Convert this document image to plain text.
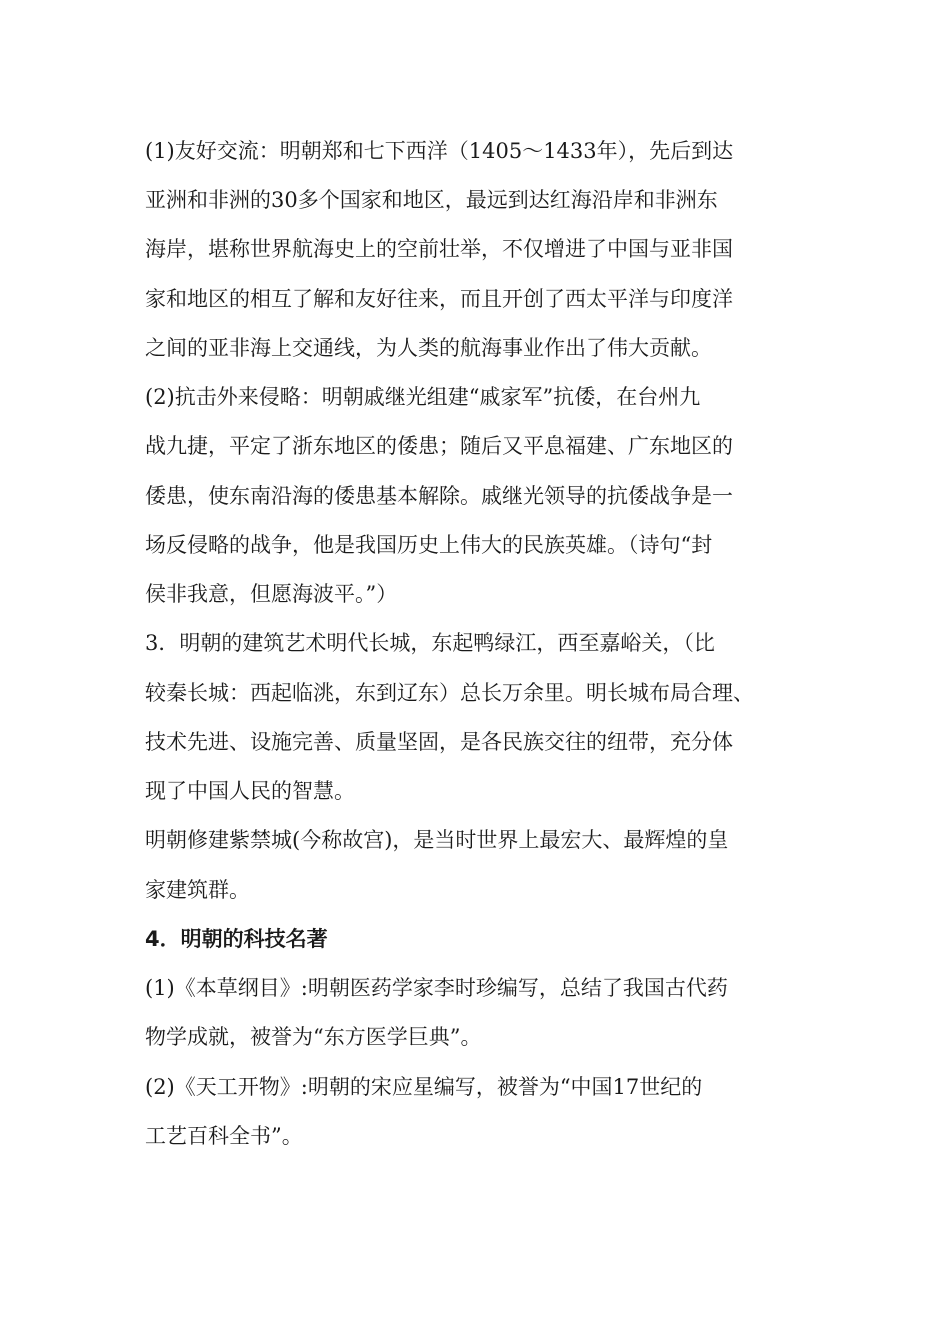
(1)友好交流：明朝郑和七下西洋（1405～1433年），先后到达
亚洲和非洲的30多个国家和地区，最远到达红海沿岸和非洲东
海岸，堪称世界航海史上的空前壮举，不仅增进了中国与亚非国
家和地区的相互了解和友好往来，而且开创了西太平洋与印度洋
之间的亚非海上交通线，为人类的航海事业作出了伟大贡献。
(2)抗击外来侵略：明朝戚继光组建“戚家军”抗倭，在台州九
战九捷，平定了浙东地区的倭患；随后又平息福建、广东地区的
倭患，使东南沿海的倭患基本解除。戚继光领导的抗倭战争是一
场反侵略的战争，他是我国历史上伟大的民族英雄。（诗句“封
侯非我意，但愿海波平。”）
3．明朝的建筑艺术明代长城，东起鸭绿江，西至嘉峪关，（比
较秦长城：西起临洮，东到辽东）总长万余里。明长城布局合理、
技术先进、设施完善、质量坚固，是各民族交往的纽带，充分体
现了中国人民的智慧。
明朝修建紫禁城(今称故宫)，是当时世界上最宏大、最辉煌的皇
家建筑群。
4．明朝的科技名著
(1)《本草纲目》:明朝医药学家李时珍编写，总结了我国古代药
物学成就，被誉为“东方医学巨典”。
(2)《天工开物》:明朝的宋应星编写，被誉为“中国17世纪的
工艺百科全书”。
